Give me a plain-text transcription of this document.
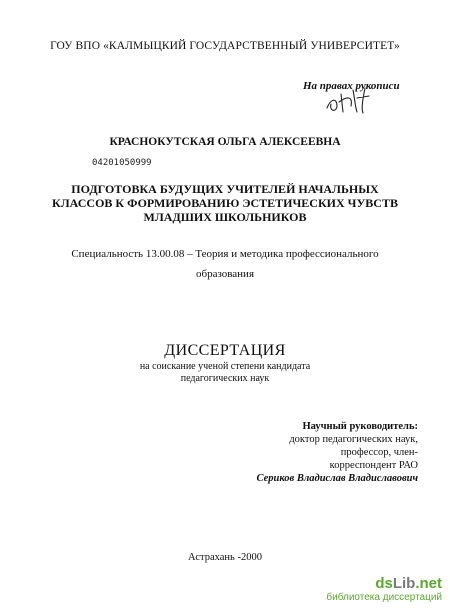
ГОУ ВПО «КАЛМЫЦКИЙ ГОСУДАРСТВЕННЫЙ УНИВЕРСИТЕТ»
На правах рукописи
КРАСНОКУТСКАЯ ОЛЬГА АЛЕКСЕЕВНА
04201050999
ПОДГОТОВКА БУДУЩИХ УЧИТЕЛЕЙ НАЧАЛЬНЫХ
КЛАССОВ К ФОРМИРОВАНИЮ ЭСТЕТИЧЕСКИХ ЧУВСТВ
МЛАДШИХ ШКОЛЬНИКОВ
Специальность 13.00.08 – Теория и методика профессионального
образования
ДИССЕРТАЦИЯ
на соискание ученой степени кандидата
педагогических наук
Научный руководитель:
доктор педагогических наук,
профессор, член-
корреспондент РАО
Сериков Владислав Владиславович
Астрахань -2000
dsLib.net
библиотека диссертаций
